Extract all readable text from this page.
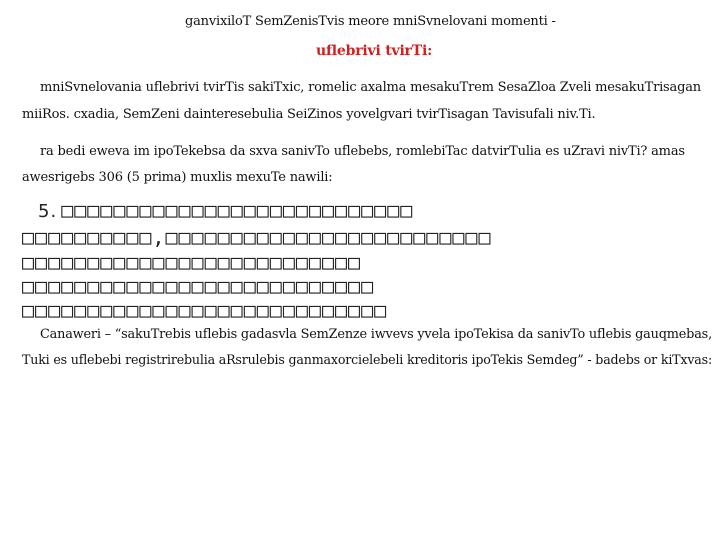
ganvixiloT SemZenisTvis meore mniSvnelovani momenti -
uflebrivi tvirTi:
mniSvnelovania uflebrivi tvirTis sakiTxic, romelic axalma mesakuTrem SesaZloa Zveli mesakuTrisagan
miiRos. cxadia, SemZeni dainteresebulia SeiZinos yovelgvari tvirTisagan Tavisufali niv.Ti.
ra bedi eweva im ipoTekebsa da sxva sanivTo uflebebs, romlebiTac datvirTulia es uZravi nivTi? amas
awesrigebs 306 (5 prima) muxlis mexuTe nawili:
5. □□□□□□□□□□□□□□□□□□□□□□□□□□□
□□□□□□□□□□,□□□□□□□□□□□□□□□□□□□□□□□□□
□□□□□□□□□□□□□□□□□□□□□□□□□□
□□□□□□□□□□□□□□□□□□□□□□□□□□□
□□□□□□□□□□□□□□□□□□□□□□□□□□□□
Canaweri – “sakuTrebis uflebis gadasvla SemZenze iwvevs yvela ipoTekisa da sanivTo uflebis gauqmebas,
Tuki es uflebebi registrirebulia aRsrulebis ganmaxorcielebeli kreditoris ipoTekis Semdeg” - badebs or kiTxvas:
